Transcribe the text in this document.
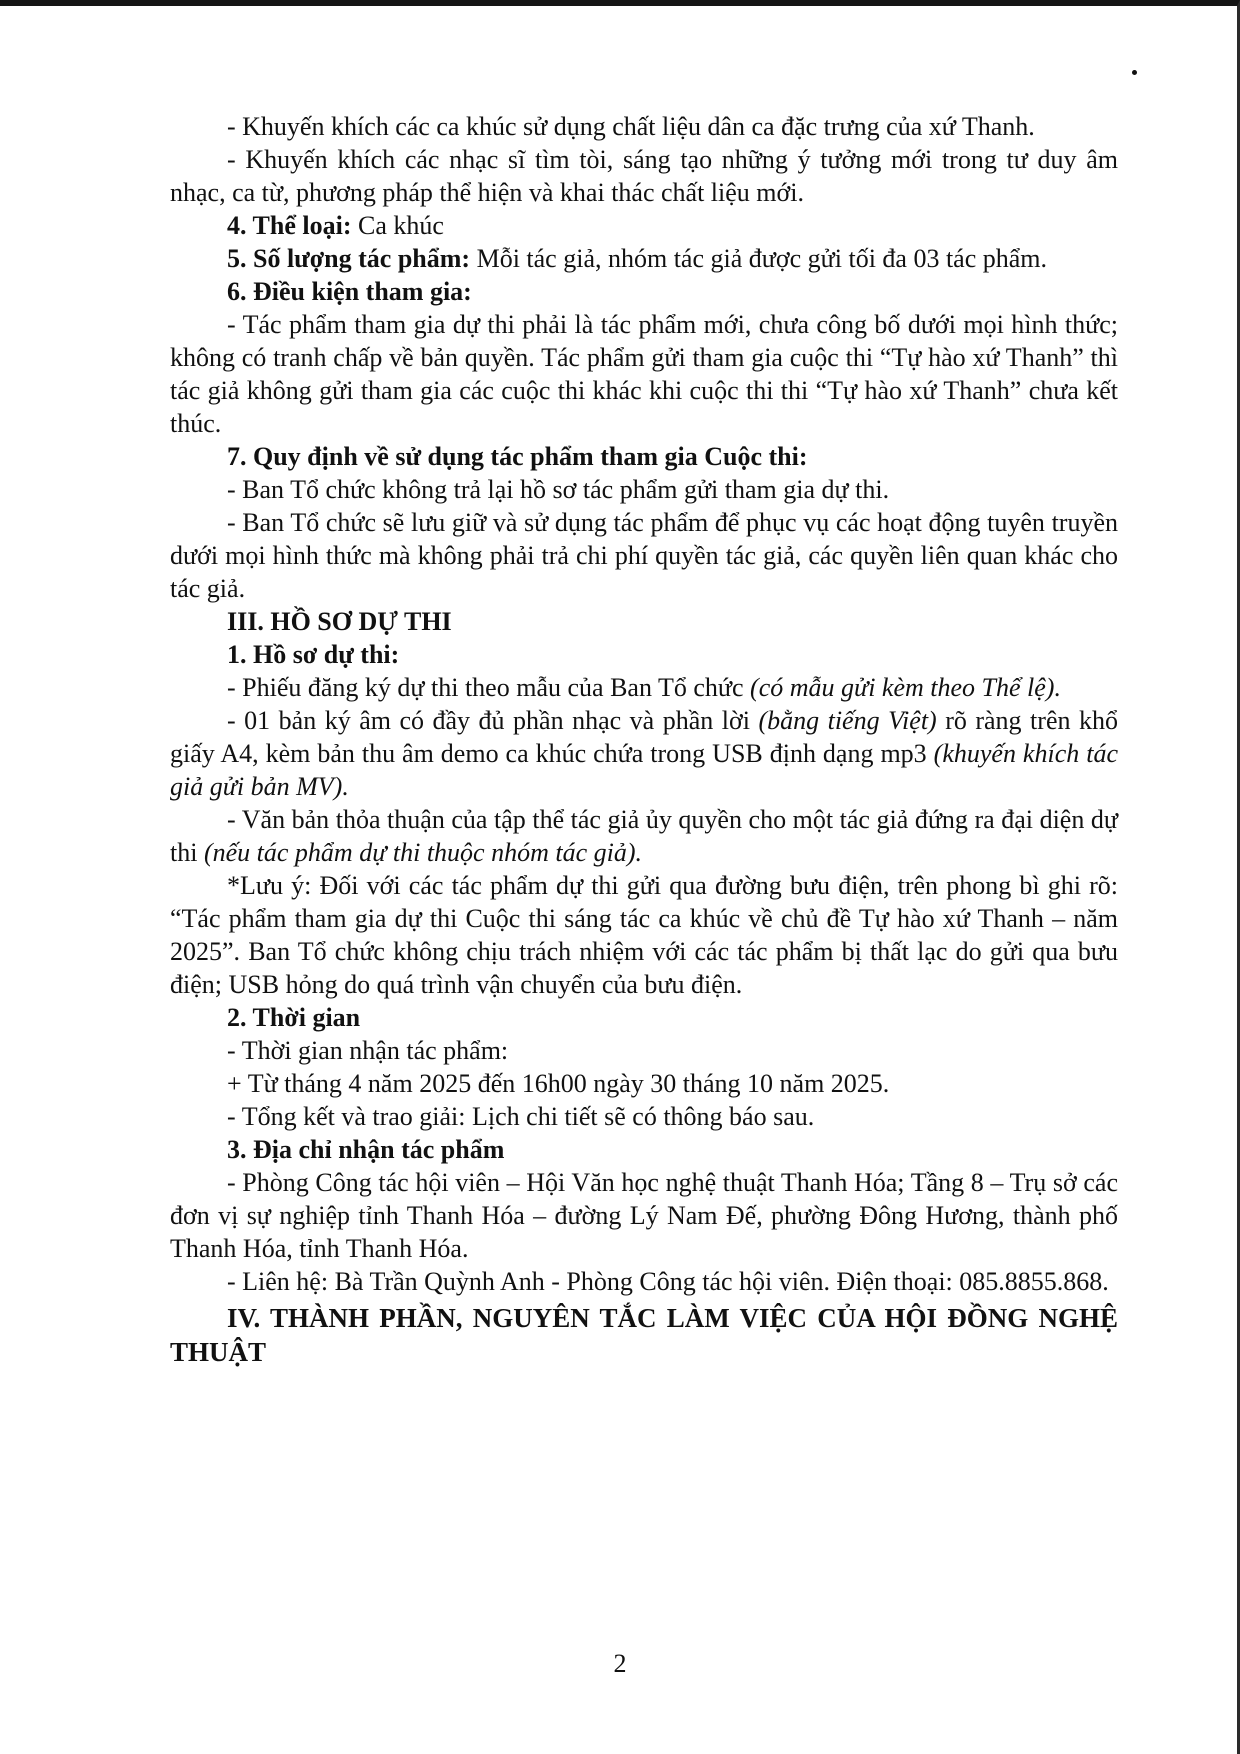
- Khuyến khích các ca khúc sử dụng chất liệu dân ca đặc trưng của xứ Thanh.

- Khuyến khích các nhạc sĩ tìm tòi, sáng tạo những ý tưởng mới trong tư duy âm nhạc, ca từ, phương pháp thể hiện và khai thác chất liệu mới.

4. Thể loại: Ca khúc

5. Số lượng tác phẩm: Mỗi tác giả, nhóm tác giả được gửi tối đa 03 tác phẩm.

6. Điều kiện tham gia:

- Tác phẩm tham gia dự thi phải là tác phẩm mới, chưa công bố dưới mọi hình thức; không có tranh chấp về bản quyền. Tác phẩm gửi tham gia cuộc thi “Tự hào xứ Thanh” thì tác giả không gửi tham gia các cuộc thi khác khi cuộc thi thi “Tự hào xứ Thanh” chưa kết thúc.

7. Quy định về sử dụng tác phẩm tham gia Cuộc thi:

- Ban Tổ chức không trả lại hồ sơ tác phẩm gửi tham gia dự thi.

- Ban Tổ chức sẽ lưu giữ và sử dụng tác phẩm để phục vụ các hoạt động tuyên truyền dưới mọi hình thức mà không phải trả chi phí quyền tác giả, các quyền liên quan khác cho tác giả.

III. HỒ SƠ DỰ THI

1. Hồ sơ dự thi:

- Phiếu đăng ký dự thi theo mẫu của Ban Tổ chức (có mẫu gửi kèm theo Thể lệ).

- 01 bản ký âm có đầy đủ phần nhạc và phần lời (bằng tiếng Việt) rõ ràng trên khổ giấy A4, kèm bản thu âm demo ca khúc chứa trong USB định dạng mp3 (khuyến khích tác giả gửi bản MV).

- Văn bản thỏa thuận của tập thể tác giả ủy quyền cho một tác giả đứng ra đại diện dự thi (nếu tác phẩm dự thi thuộc nhóm tác giả).

*Lưu ý: Đối với các tác phẩm dự thi gửi qua đường bưu điện, trên phong bì ghi rõ: “Tác phẩm tham gia dự thi Cuộc thi sáng tác ca khúc về chủ đề Tự hào xứ Thanh – năm 2025”. Ban Tổ chức không chịu trách nhiệm với các tác phẩm bị thất lạc do gửi qua bưu điện; USB hỏng do quá trình vận chuyển của bưu điện.

2. Thời gian

- Thời gian nhận tác phẩm:

+ Từ tháng 4 năm 2025 đến 16h00 ngày 30 tháng 10 năm 2025.

- Tổng kết và trao giải: Lịch chi tiết sẽ có thông báo sau.

3. Địa chỉ nhận tác phẩm

- Phòng Công tác hội viên – Hội Văn học nghệ thuật Thanh Hóa; Tầng 8 – Trụ sở các đơn vị sự nghiệp tỉnh Thanh Hóa – đường Lý Nam Đế, phường Đông Hương, thành phố Thanh Hóa, tỉnh Thanh Hóa.

- Liên hệ: Bà Trần Quỳnh Anh - Phòng Công tác hội viên. Điện thoại: 085.8855.868.

IV. THÀNH PHẦN, NGUYÊN TẮC LÀM VIỆC CỦA HỘI ĐỒNG NGHỆ THUẬT

2
